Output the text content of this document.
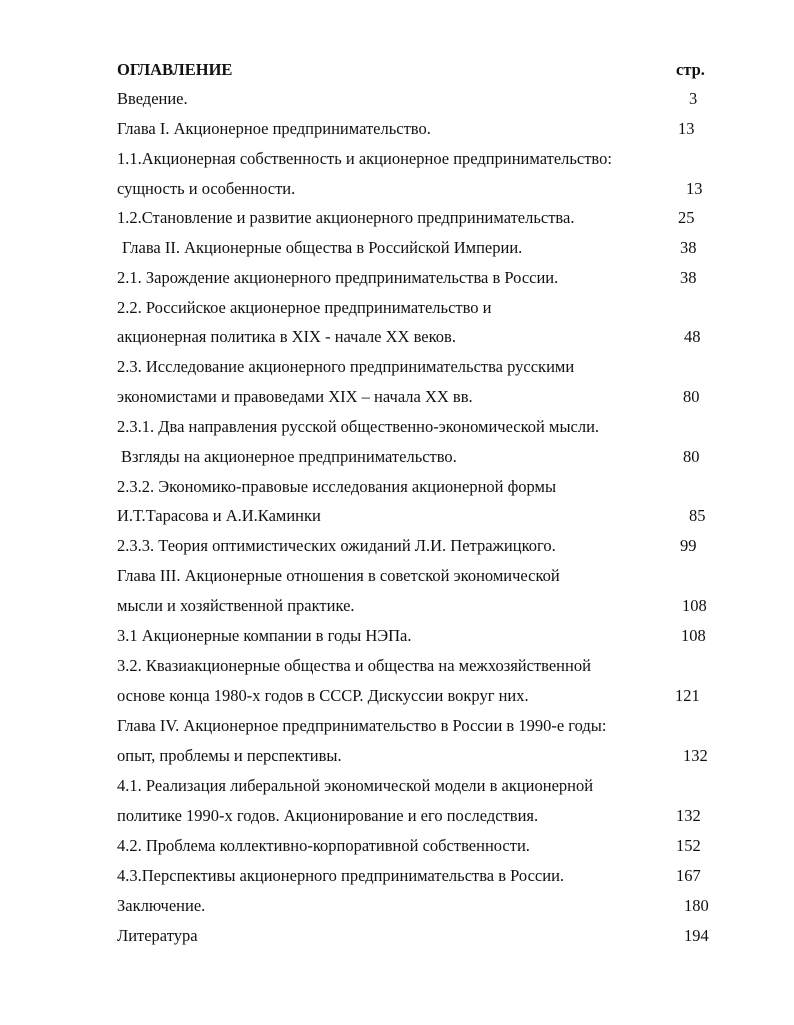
ОГЛАВЛЕНИЕ	стр.
Введение.	3
Глава I. Акционерное предпринимательство.	13
1.1.Акционерная собственность и акционерное предпринимательство:
сущность и особенности.	13
1.2.Становление и развитие акционерного предпринимательства.	25
Глава II. Акционерные общества в Российской Империи.	38
2.1. Зарождение акционерного предпринимательства в России.	38
2.2. Российское акционерное предпринимательство и
акционерная политика в XIX - начале XX веков.	48
2.3. Исследование акционерного предпринимательства русскими
экономистами и правоведами XIX – начала XX вв.	80
2.3.1. Два направления русской общественно-экономической мысли.
Взгляды на акционерное предпринимательство.	80
2.3.2. Экономико-правовые исследования акционерной формы
И.Т.Тарасова и А.И.Каминки	85
2.3.3. Теория оптимистических ожиданий Л.И. Петражицкого.	99
Глава III. Акционерные отношения в советской экономической
мысли и хозяйственной практике.	108
3.1 Акционерные компании в годы НЭПа.	108
3.2. Квазиакционерные общества и общества на межхозяйственной
основе конца 1980-х годов в СССР. Дискуссии вокруг них.	121
Глава IV. Акционерное предпринимательство в России в 1990-е годы:
опыт, проблемы и перспективы.	132
4.1. Реализация либеральной экономической модели в акционерной
политике 1990-х годов. Акционирование и его последствия.	132
4.2. Проблема коллективно-корпоративной собственности.	152
4.3.Перспективы акционерного предпринимательства в России.	167
Заключение.	180
Литература	194
